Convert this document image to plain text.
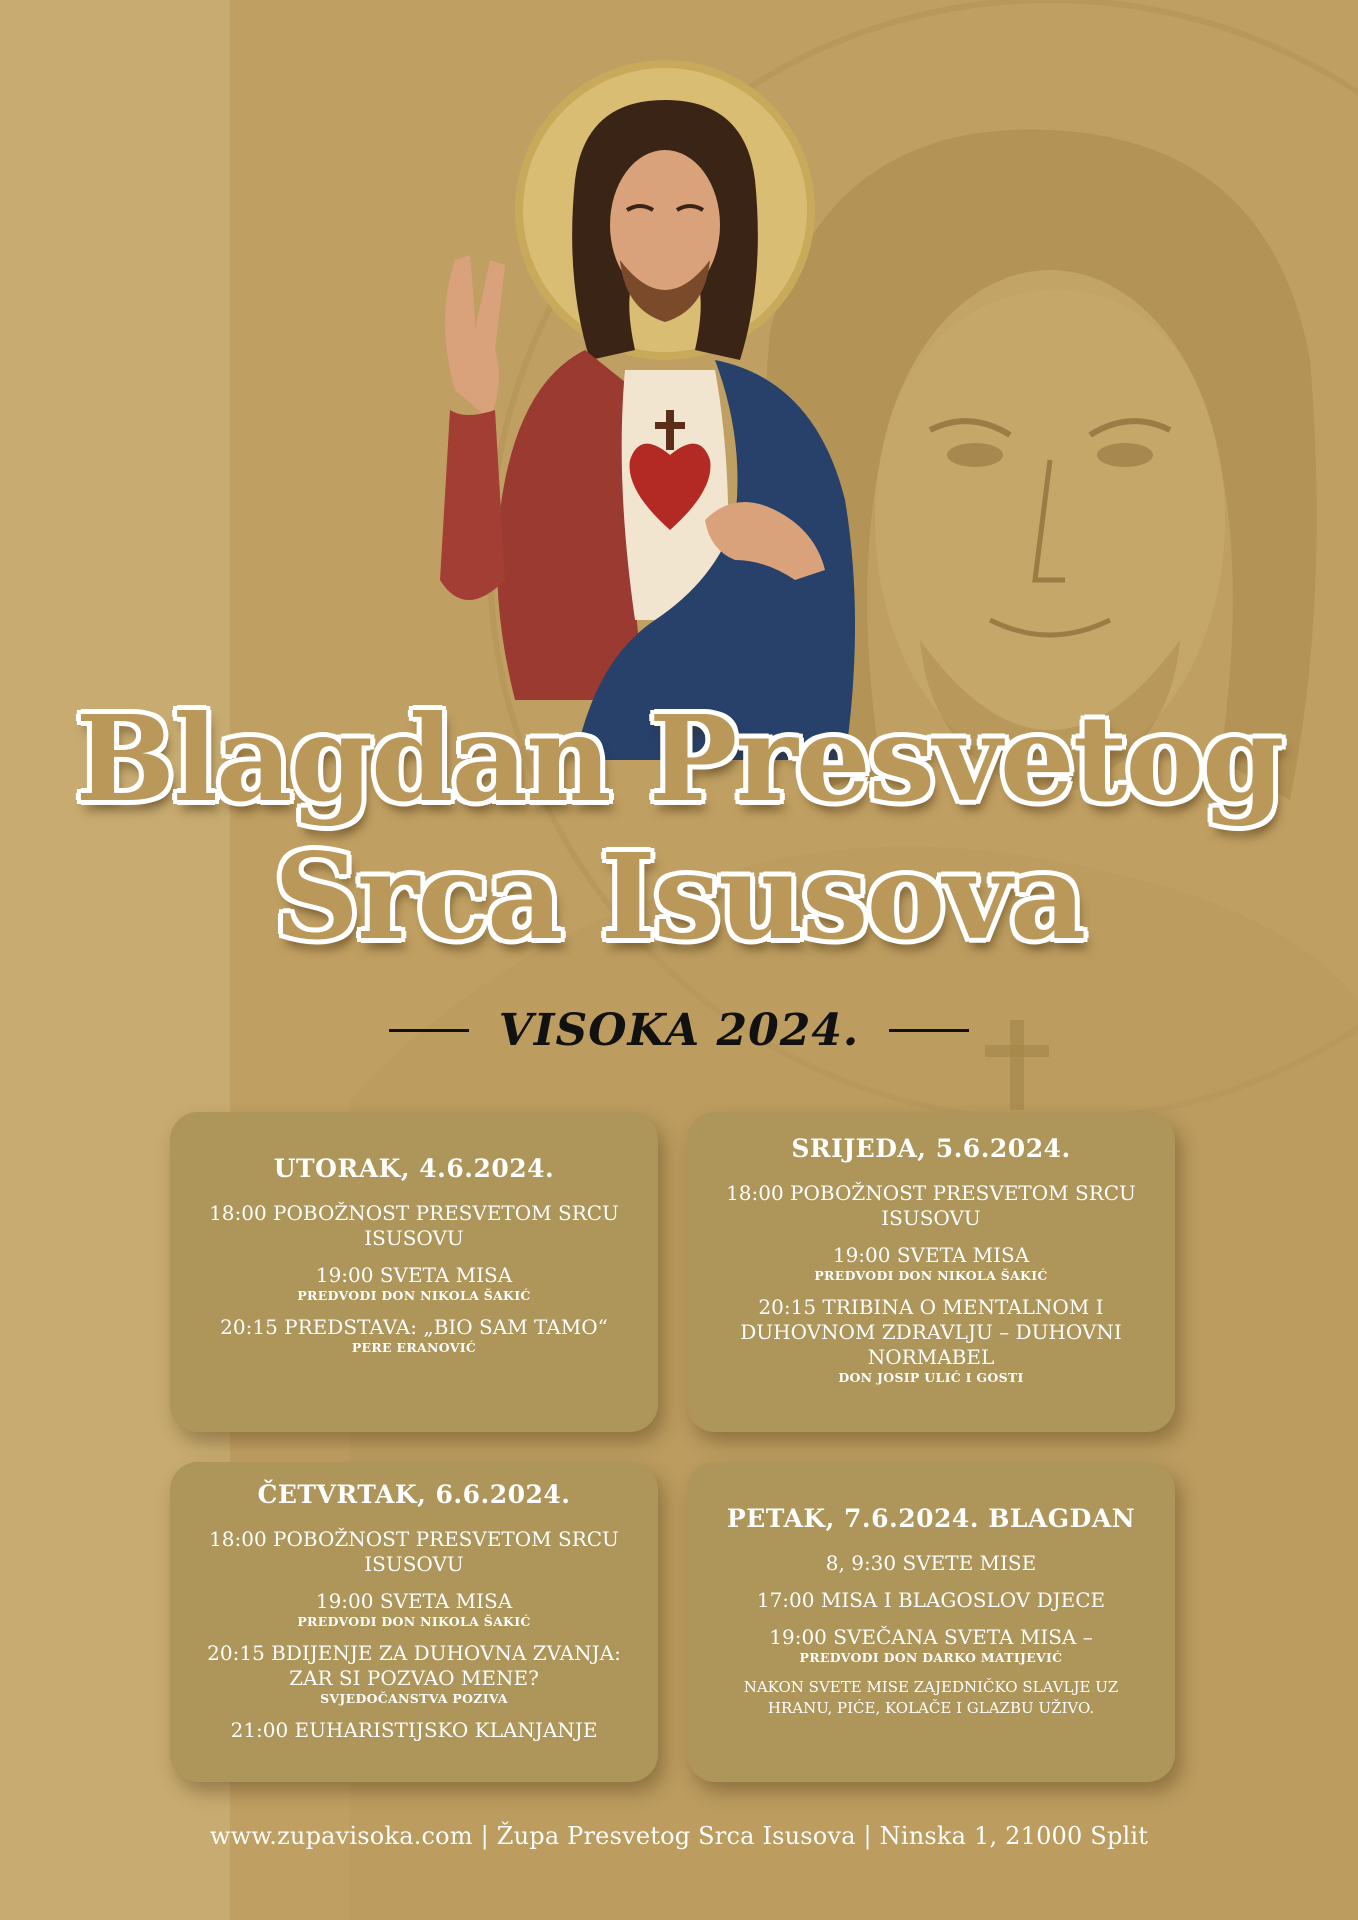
Blagdan Presvetog
Srca Isusova
VISOKA 2024.
UTORAK, 4.6.2024.
18:00 POBOŽNOST PRESVETOM SRCU ISUSOVU
19:00 SVETA MISA
PREDVODI DON NIKOLA ŠAKIĆ
20:15 PREDSTAVA: „BIO SAM TAMO“
PERE ERANOVIĆ
SRIJEDA, 5.6.2024.
18:00 POBOŽNOST PRESVETOM SRCU ISUSOVU
19:00 SVETA MISA
PREDVODI DON NIKOLA ŠAKIĆ
20:15 TRIBINA O MENTALNOM I DUHOVNOM ZDRAVLJU – DUHOVNI NORMABEL
DON JOSIP ULIĆ I GOSTI
ČETVRTAK, 6.6.2024.
18:00 POBOŽNOST PRESVETOM SRCU ISUSOVU
19:00 SVETA MISA
PREDVODI DON NIKOLA ŠAKIĆ
20:15 BDIJENJE ZA DUHOVNA ZVANJA: ZAR SI POZVAO MENE?
SVJEDOČANSTVA POZIVA
21:00 EUHARISTIJSKO KLANJANJE
PETAK, 7.6.2024. BLAGDAN
8, 9:30 SVETE MISE
17:00 MISA I BLAGOSLOV DJECE
19:00 SVEČANA SVETA MISA –
PREDVODI DON DARKO MATIJEVIĆ
NAKON SVETE MISE ZAJEDNIČKO SLAVLJE UZ HRANU, PIĆE, KOLAČE I GLAZBU UŽIVO.
www.zupavisoka.com | Župa Presvetog Srca Isusova | Ninska 1, 21000 Split
